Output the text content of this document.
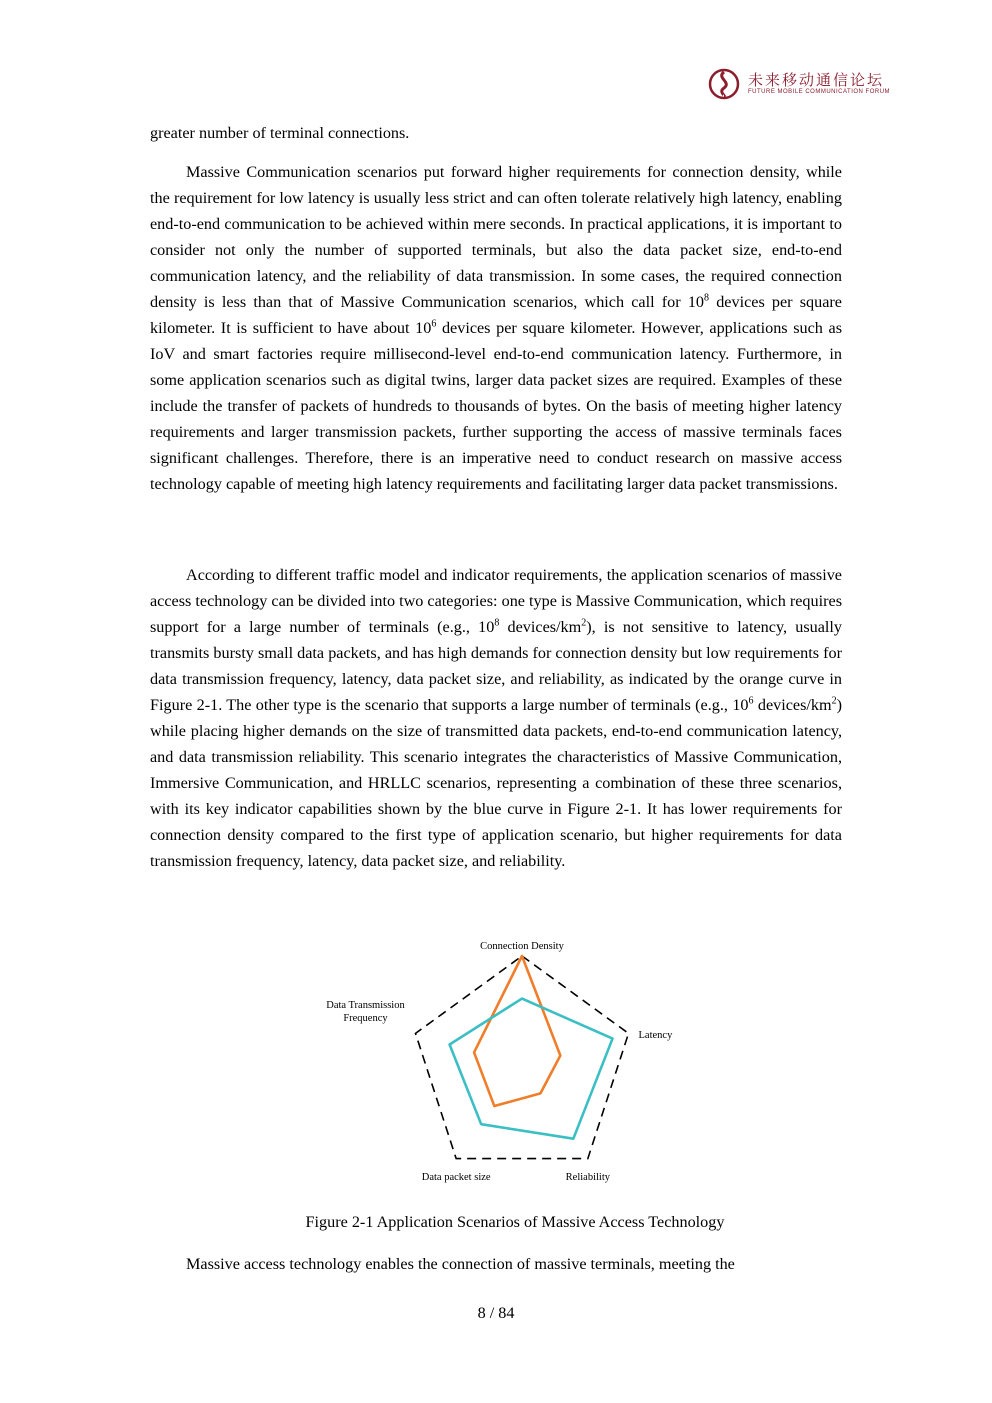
未来移动通信论坛
FUTURE MOBILE COMMUNICATION FORUM

greater number of terminal connections.

Massive Communication scenarios put forward higher requirements for connection density, while the requirement for low latency is usually less strict and can often tolerate relatively high latency, enabling end-to-end communication to be achieved within mere seconds. In practical applications, it is important to consider not only the number of supported terminals, but also the data packet size, end-to-end communication latency, and the reliability of data transmission. In some cases, the required connection density is less than that of Massive Communication scenarios, which call for $10^8$ devices per square kilometer. It is sufficient to have about $10^6$ devices per square kilometer. However, applications such as IoV and smart factories require millisecond-level end-to-end communication latency. Furthermore, in some application scenarios such as digital twins, larger data packet sizes are required. Examples of these include the transfer of packets of hundreds to thousands of bytes. On the basis of meeting higher latency requirements and larger transmission packets, further supporting the access of massive terminals faces significant challenges. Therefore, there is an imperative need to conduct research on massive access technology capable of meeting high latency requirements and facilitating larger data packet transmissions.

According to different traffic model and indicator requirements, the application scenarios of massive access technology can be divided into two categories: one type is Massive Communication, which requires support for a large number of terminals (e.g., $10^8$ devices/$km^2$), is not sensitive to latency, usually transmits bursty small data packets, and has high demands for connection density but low requirements for data transmission frequency, latency, data packet size, and reliability, as indicated by the orange curve in Figure 2-1. The other type is the scenario that supports a large number of terminals (e.g., $10^6$ devices/$km^2$) while placing higher demands on the size of transmitted data packets, end-to-end communication latency, and data transmission reliability. This scenario integrates the characteristics of Massive Communication, Immersive Communication, and HRLLC scenarios, representing a combination of these three scenarios, with its key indicator capabilities shown by the blue curve in Figure 2-1. It has lower requirements for connection density compared to the first type of application scenario, but higher requirements for data transmission frequency, latency, data packet size, and reliability.

Connection Density
Latency
Reliability
Data packet size
Data Transmission Frequency
Figure 2-1 Application Scenarios of Massive Access Technology

Massive access technology enables the connection of massive terminals, meeting the

8 / 84
